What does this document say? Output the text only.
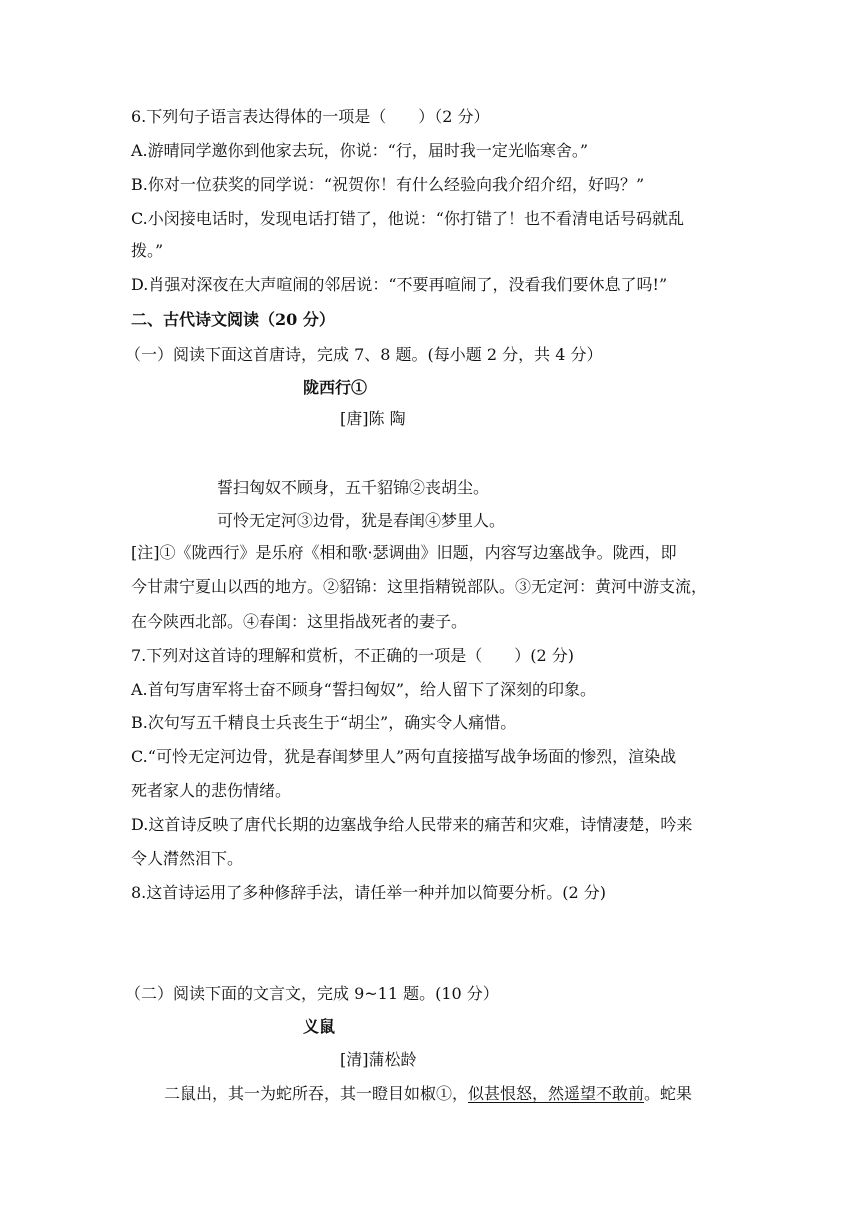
6.下列句子语言表达得体的一项是（　　）（2 分）
A.游晴同学邀你到他家去玩，你说：“行，届时我一定光临寒舍。”
B.你对一位获奖的同学说：“祝贺你！有什么经验向我介绍介绍，好吗？”
C.小闵接电话时，发现电话打错了，他说：“你打错了！也不看清电话号码就乱
拨。”
D.肖强对深夜在大声喧闹的邻居说：“不要再喧闹了，没看我们要休息了吗!”
二、古代诗文阅读（20 分）
（一）阅读下面这首唐诗，完成 7、8 题。(每小题 2 分，共 4 分）
陇西行①
[唐]陈 陶
誓扫匈奴不顾身，五千貂锦②丧胡尘。
可怜无定河③边骨，犹是春闺④梦里人。
[注]①《陇西行》是乐府《相和歌·瑟调曲》旧题，内容写边塞战争。陇西，即
今甘肃宁夏山以西的地方。②貂锦：这里指精锐部队。③无定河：黄河中游支流，
在今陕西北部。④春闺：这里指战死者的妻子。
7.下列对这首诗的理解和赏析，不正确的一项是（　　）(2 分)
A.首句写唐军将士奋不顾身“誓扫匈奴”，给人留下了深刻的印象。
B.次句写五千精良士兵丧生于“胡尘”，确实令人痛惜。
C.“可怜无定河边骨，犹是春闺梦里人”两句直接描写战争场面的惨烈，渲染战
死者家人的悲伤情绪。
D.这首诗反映了唐代长期的边塞战争给人民带来的痛苦和灾难，诗情凄楚，吟来
令人潸然泪下。
8.这首诗运用了多种修辞手法，请任举一种并加以简要分析。(2 分)
（二）阅读下面的文言文，完成 9~11 题。(10 分）
义鼠
[清]蒲松龄
二鼠出，其一为蛇所吞，其一瞪目如椒①，似甚恨怒，然遥望不敢前。蛇果
